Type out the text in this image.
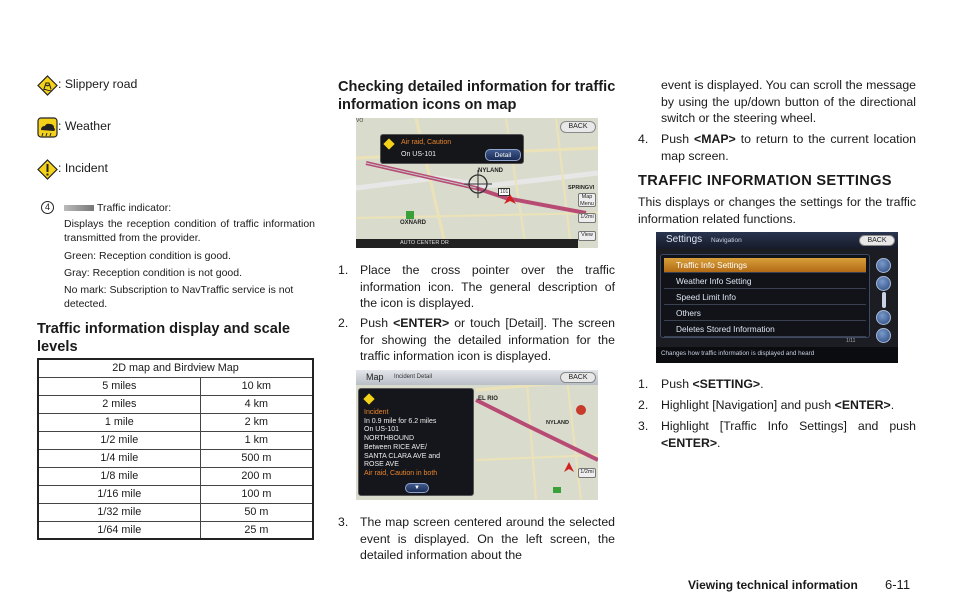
: Slippery road
: Weather
: Incident
4	Traffic indicator:
Displays the reception condition of traffic information transmitted from the provider.
Green: Reception condition is good.
Gray: Reception condition is not good.
No mark: Subscription to NavTraffic service is not detected.
Traffic information display and scale levels
2D map and Birdview Map	
5 miles	10 km
2 miles	4 km
1 mile	2 km
1/2 mile	1 km
1/4 mile	500 m
1/8 mile	200 m
1/16 mile	100 m
1/32 mile	50 m
1/64 mile	25 m
Checking detailed information for traffic information icons on map
VO
Air raid, Caution
On US-101	Detail
BACK
NYLAND
SPRINGVI
101
OXNARD
Map Menu
1/2mi
View
AUTO CENTER DR
1. Place the cross pointer over the traffic information icon. The general description of the icon is displayed.
2. Push <ENTER> or touch [Detail]. The screen for showing the detailed information for the traffic information icon is displayed.
Map Incident Detail	BACK
Incident
In 0.9 mile for 6.2 miles
On US-101
NORTHBOUND
Between RICE AVE/
SANTA CLARA AVE and
ROSE AVE
Air raid, Caution in both
▼
EL RIO
NYLAND
1/2mi
3. The map screen centered around the selected event is displayed. On the left screen, the detailed information about the
event is displayed. You can scroll the message by using the up/down button of the directional switch or the steering wheel.
4. Push <MAP> to return to the current location map screen.
TRAFFIC INFORMATION SETTINGS
This displays or changes the settings for the traffic information related functions.
Settings Navigation	BACK
Traffic Info Settings
Weather Info Setting
Speed Limit Info
Others
Deletes Stored Information
1/11
Changes how traffic information is displayed and heard
1. Push <SETTING>.
2. Highlight [Navigation] and push <ENTER>.
3. Highlight [Traffic Info Settings] and push <ENTER>.
Viewing technical information 6-11
